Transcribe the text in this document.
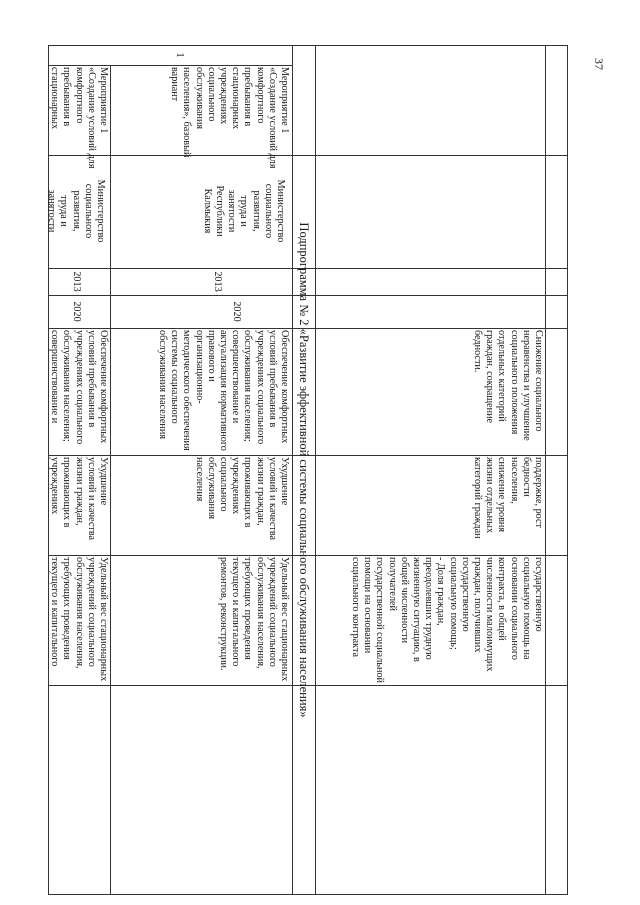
37
Снижение социального
неравенства и улучшение
социального положения
отдельных категорий
граждан, сокращение
бедности.
поддержке, рост
бедности
населения,
снижение уровня
жизни отдельных
категорий граждан
государственную
социальную помощь на
основании социального
контракта, в общей
численности малоимущих
граждан, получивших
государственную
социальную помощь;
- Доля граждан,
преодолевших трудную
жизненную ситуацию, в
общей численности
получателей
государственной социальной
помощи на основании
социального контракта
Подпрограмма № 2 «Развитие эффективной системы социального обслуживания населения»
1
Мероприятие 1
«Создание условий для
комфортного
пребывания в
стационарных
учреждениях
социального
обслуживания
населения», базовый
вариант
Министерство
социального
развития,
труда и
занятости
Республики
Калмыкия
2013
2020
Обеспечение комфортных
условий пребывания в
учреждениях социального
обслуживания населения;
совершенствование и
актуализация нормативного
правового и
организационно-
методического обеспечения
системы социального
обслуживания населения
Ухудшение
условий и качества
жизни граждан,
проживающих в
учреждениях
социального
обслуживания
населения
Удельный вес стационарных
учреждений социального
обслуживания населения,
требующих проведения
текущего и капитального
ремонтов, реконструкции.
Мероприятие 1
«Создание условий для
комфортного
пребывания в
стационарных
Министерство
социального
развития,
труда и
занятости
2013
2020
Обеспечение комфортных
условий пребывания в
учреждениях социального
обслуживания населения;
совершенствование и
Ухудшение
условий и качества
жизни граждан,
проживающих в
учреждениях
Удельный вес стационарных
учреждений социального
обслуживания населения,
требующих проведения
текущего и капитального
